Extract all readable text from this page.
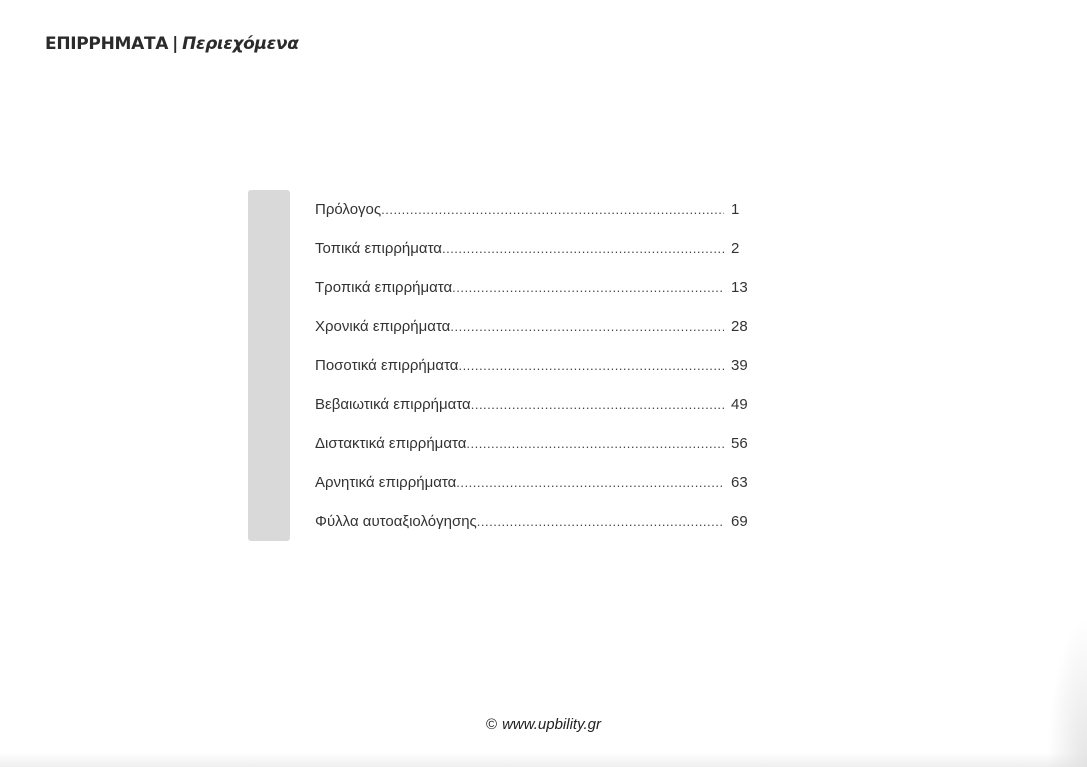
ΕΠΙΡΡΗΜΑΤΑ | Περιεχόμενα
Πρόλογος .....	1
Τοπικά επιρρήματα .....	2
Τροπικά επιρρήματα .....	13
Χρονικά επιρρήματα .....	28
Ποσοτικά επιρρήματα .....	39
Βεβαιωτικά επιρρήματα .....	49
Διστακτικά επιρρήματα .....	56
Αρνητικά επιρρήματα .....	63
Φύλλα αυτοαξιολόγησης .....	69
© www.upbility.gr
